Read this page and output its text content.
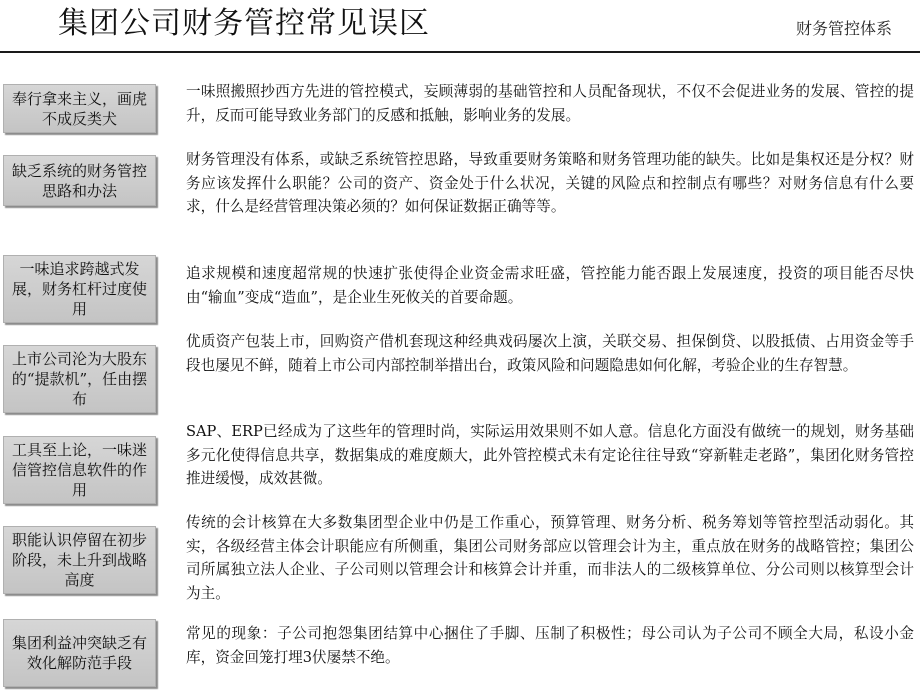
集团公司财务管控常见误区	财务管控体系
奉行拿来主义，画虎不成反类犬
一味照搬照抄西方先进的管控模式，妄顾薄弱的基础管控和人员配备现状，不仅不会促进业务的发展、管控的提升，反而可能导致业务部门的反感和抵触，影响业务的发展。
缺乏系统的财务管控思路和办法
财务管理没有体系，或缺乏系统管控思路，导致重要财务策略和财务管理功能的缺失。比如是集权还是分权？财务应该发挥什么职能？公司的资产、资金处于什么状况，关键的风险点和控制点有哪些？对财务信息有什么要求，什么是经营管理决策必须的？如何保证数据正确等等。
一味追求跨越式发展，财务杠杆过度使用
追求规模和速度超常规的快速扩张使得企业资金需求旺盛，管控能力能否跟上发展速度，投资的项目能否尽快由“输血”变成“造血”，是企业生死攸关的首要命题。
上市公司沦为大股东的“提款机”，任由摆布
优质资产包装上市，回购资产借机套现这种经典戏码屡次上演，关联交易、担保倒贷、以股抵债、占用资金等手段也屡见不鲜，随着上市公司内部控制举措出台，政策风险和问题隐患如何化解，考验企业的生存智慧。
工具至上论，一味迷信管控信息软件的作用
SAP、ERP已经成为了这些年的管理时尚，实际运用效果则不如人意。信息化方面没有做统一的规划，财务基础多元化使得信息共享，数据集成的难度颇大，此外管控模式未有定论往往导致“穿新鞋走老路”，集团化财务管控推进缓慢，成效甚微。
职能认识停留在初步阶段，未上升到战略高度
传统的会计核算在大多数集团型企业中仍是工作重心，预算管理、财务分析、税务筹划等管控型活动弱化。其实，各级经营主体会计职能应有所侧重，集团公司财务部应以管理会计为主，重点放在财务的战略管控；集团公司所属独立法人企业、子公司则以管理会计和核算会计并重，而非法人的二级核算单位、分公司则以核算型会计为主。
集团利益冲突缺乏有效化解防范手段
常见的现象：子公司抱怨集团结算中心捆住了手脚、压制了积极性；母公司认为子公司不顾全大局，私设小金库，资金回笼打埋3伏屡禁不绝。
